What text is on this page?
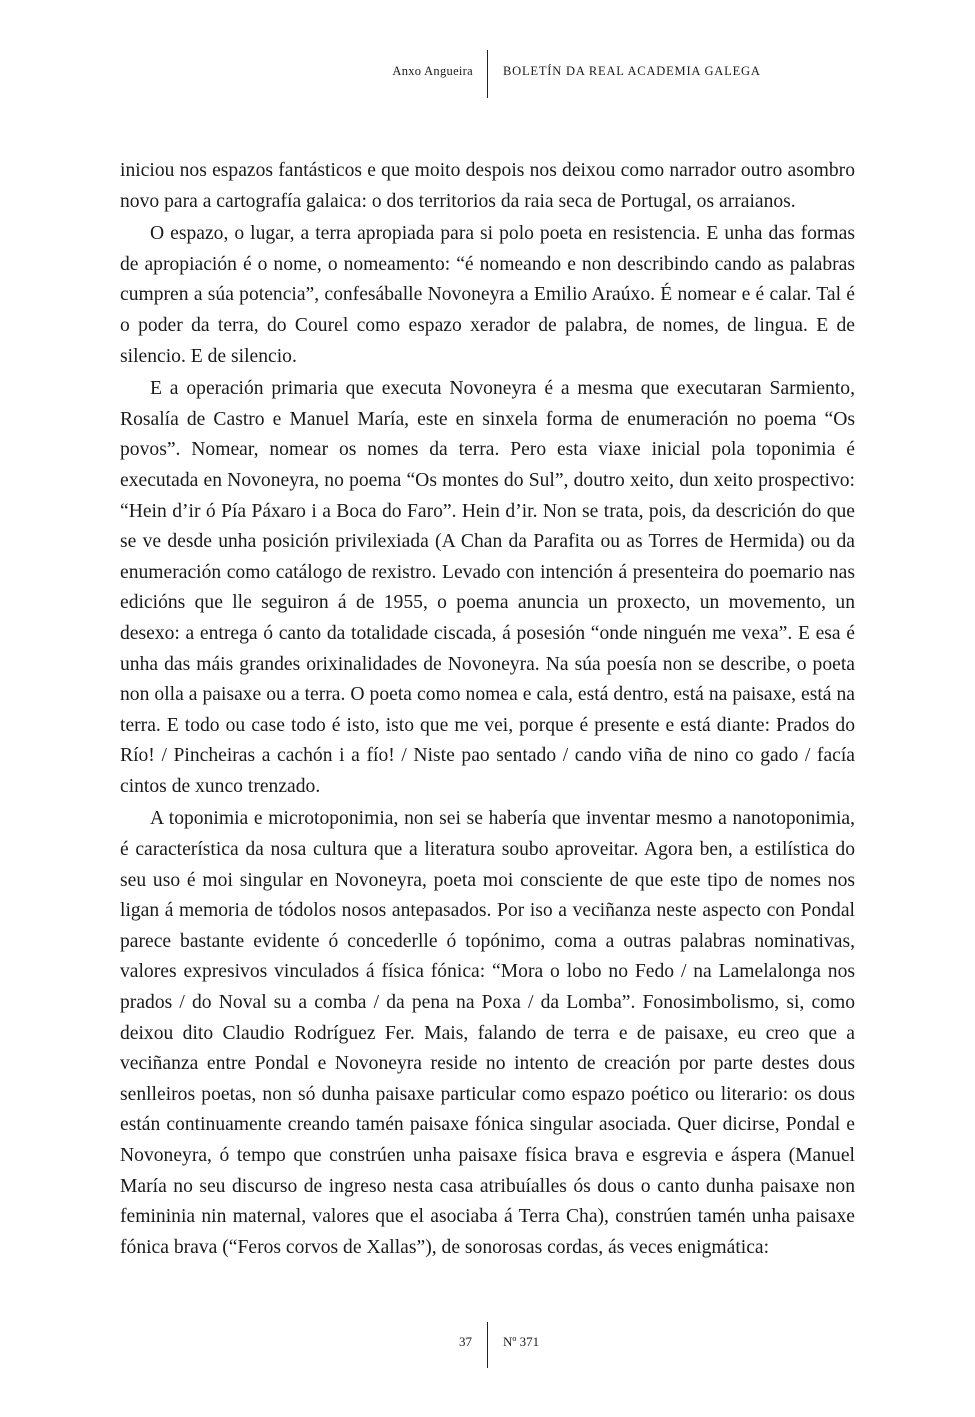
Anxo Angueira BOLETÍN DA REAL ACADEMIA GALEGA

iniciou nos espazos fantásticos e que moito despois nos deixou como narrador outro asombro novo para a cartografía galaica: o dos territorios da raia seca de Portugal, os arraianos.

O espazo, o lugar, a terra apropiada para si polo poeta en resistencia. E unha das formas de apropiación é o nome, o nomeamento: “é nomeando e non describindo cando as palabras cumpren a súa potencia”, confesáballe Novoneyra a Emilio Araúxo. É nomear e é calar. Tal é o poder da terra, do Courel como espazo xerador de palabra, de nomes, de lingua. E de silencio. E de silencio.

E a operación primaria que executa Novoneyra é a mesma que executaran Sarmiento, Rosalía de Castro e Manuel María, este en sinxela forma de enumeración no poema “Os povos”. Nomear, nomear os nomes da terra. Pero esta viaxe inicial pola toponimia é executada en Novoneyra, no poema “Os montes do Sul”, doutro xeito, dun xeito prospectivo: “Hein d’ir ó Pía Páxaro i a Boca do Faro”. Hein d’ir. Non se trata, pois, da descrición do que se ve desde unha posición privilexiada (A Chan da Parafita ou as Torres de Hermida) ou da enumeración como catálogo de rexistro. Levado con intención á presenteira do poemario nas edicións que lle seguiron á de 1955, o poema anuncia un proxecto, un movemento, un desexo: a entrega ó canto da totalidade ciscada, á posesión “onde ninguén me vexa”. E esa é unha das máis grandes orixinalidades de Novoneyra. Na súa poesía non se describe, o poeta non olla a paisaxe ou a terra. O poeta como nomea e cala, está dentro, está na paisaxe, está na terra. E todo ou case todo é isto, isto que me vei, porque é presente e está diante: Prados do Río! / Pincheiras a cachón i a fío! / Niste pao sentado / cando viña de nino co gado / facía cintos de xunco trenzado.

A toponimia e microtoponimia, non sei se habería que inventar mesmo a nanotoponimia, é característica da nosa cultura que a literatura soubo aproveitar. Agora ben, a estilística do seu uso é moi singular en Novoneyra, poeta moi consciente de que este tipo de nomes nos ligan á memoria de tódolos nosos antepasados. Por iso a veciñanza neste aspecto con Pondal parece bastante evidente ó concederlle ó topónimo, coma a outras palabras nominativas, valores expresivos vinculados á física fónica: “Mora o lobo no Fedo / na Lamelalonga nos prados / do Noval su a comba / da pena na Poxa / da Lomba”. Fonosimbolismo, si, como deixou dito Claudio Rodríguez Fer. Mais, falando de terra e de paisaxe, eu creo que a veciñanza entre Pondal e Novoneyra reside no intento de creación por parte destes dous senlleiros poetas, non só dunha paisaxe particular como espazo poético ou literario: os dous están continuamente creando tamén paisaxe fónica singular asociada. Quer dicirse, Pondal e Novoneyra, ó tempo que constrúen unha paisaxe física brava e esgrevia e áspera (Manuel María no seu discurso de ingreso nesta casa atribuíalles ós dous o canto dunha paisaxe non femininia nin maternal, valores que el asociaba á Terra Cha), constrúen tamén unha paisaxe fónica brava (“Feros corvos de Xallas”), de sonorosas cordas, ás veces enigmática:

37 Nº 371
